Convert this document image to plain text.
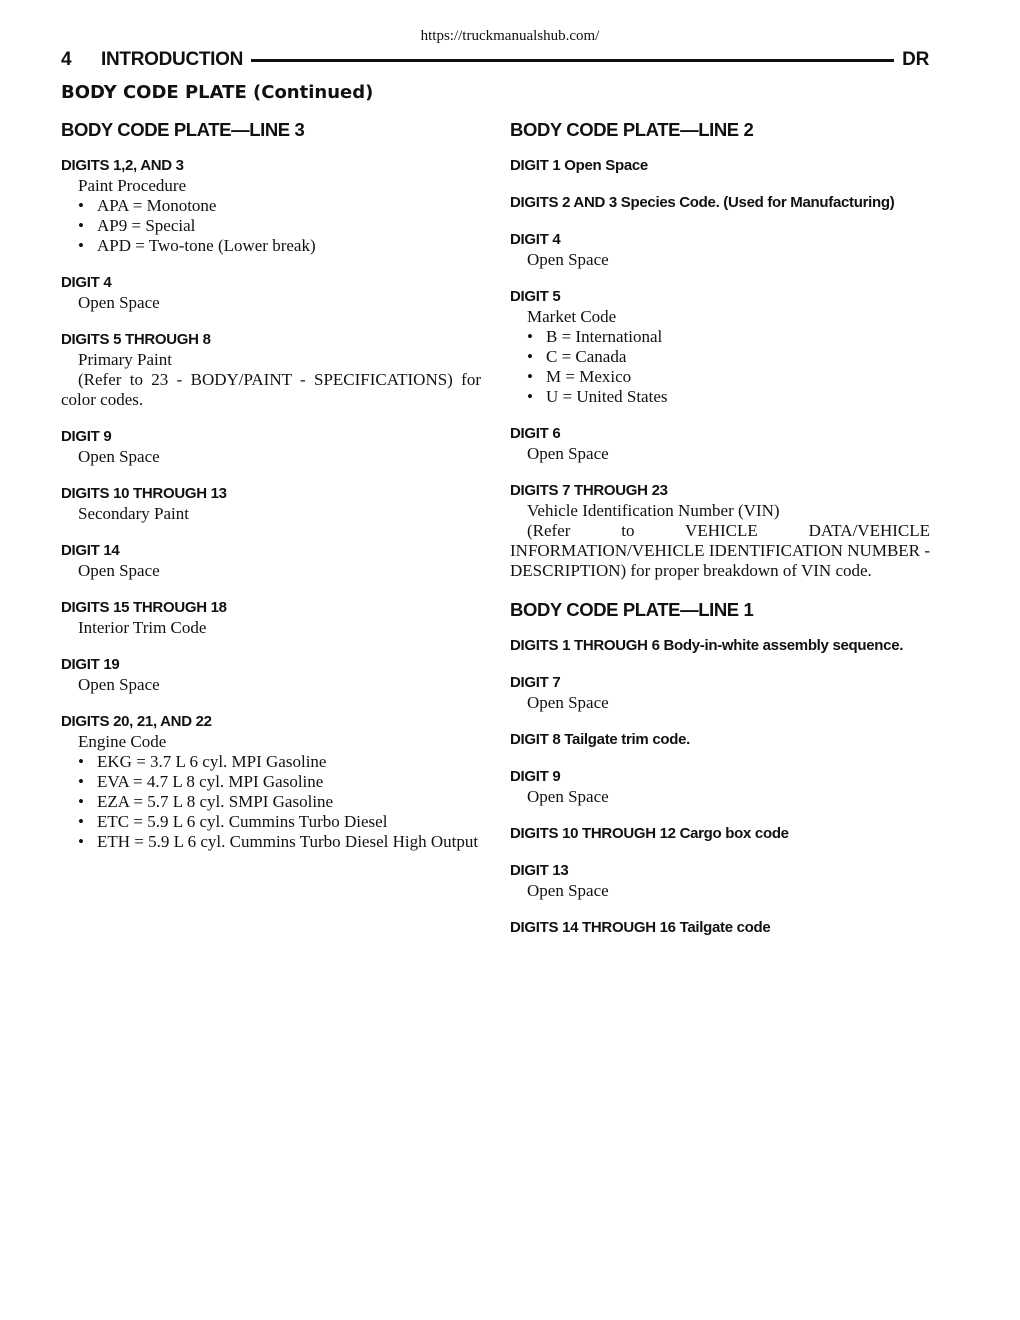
https://truckmanualshub.com/
4	INTRODUCTION	DR
BODY CODE PLATE (Continued)
BODY CODE PLATE—LINE 3

DIGITS 1,2, AND 3

Paint Procedure

• APA = Monotone
• AP9 = Special
• APD = Two-tone (Lower break)

DIGIT 4

Open Space

DIGITS 5 THROUGH 8

Primary Paint

(Refer to 23 - BODY/PAINT - SPECIFICATIONS) for color codes.

DIGIT 9

Open Space

DIGITS 10 THROUGH 13

Secondary Paint

DIGIT 14

Open Space

DIGITS 15 THROUGH 18

Interior Trim Code

DIGIT 19

Open Space

DIGITS 20, 21, AND 22

Engine Code

• EKG = 3.7 L 6 cyl. MPI Gasoline
• EVA = 4.7 L 8 cyl. MPI Gasoline
• EZA = 5.7 L 8 cyl. SMPI Gasoline
• ETC = 5.9 L 6 cyl. Cummins Turbo Diesel
• ETH = 5.9 L 6 cyl. Cummins Turbo Diesel High Output
BODY CODE PLATE—LINE 2

DIGIT 1 Open Space

DIGITS 2 AND 3 Species Code. (Used for Manufacturing)

DIGIT 4

Open Space

DIGIT 5

Market Code

• B = International
• C = Canada
• M = Mexico
• U = United States

DIGIT 6

Open Space

DIGITS 7 THROUGH 23

Vehicle Identification Number (VIN)

(Refer to VEHICLE DATA/VEHICLE INFORMATION/VEHICLE IDENTIFICATION NUMBER - DESCRIPTION) for proper breakdown of VIN code.

BODY CODE PLATE—LINE 1

DIGITS 1 THROUGH 6 Body-in-white assembly sequence.

DIGIT 7

Open Space

DIGIT 8 Tailgate trim code.

DIGIT 9

Open Space

DIGITS 10 THROUGH 12 Cargo box code

DIGIT 13

Open Space

DIGITS 14 THROUGH 16 Tailgate code
